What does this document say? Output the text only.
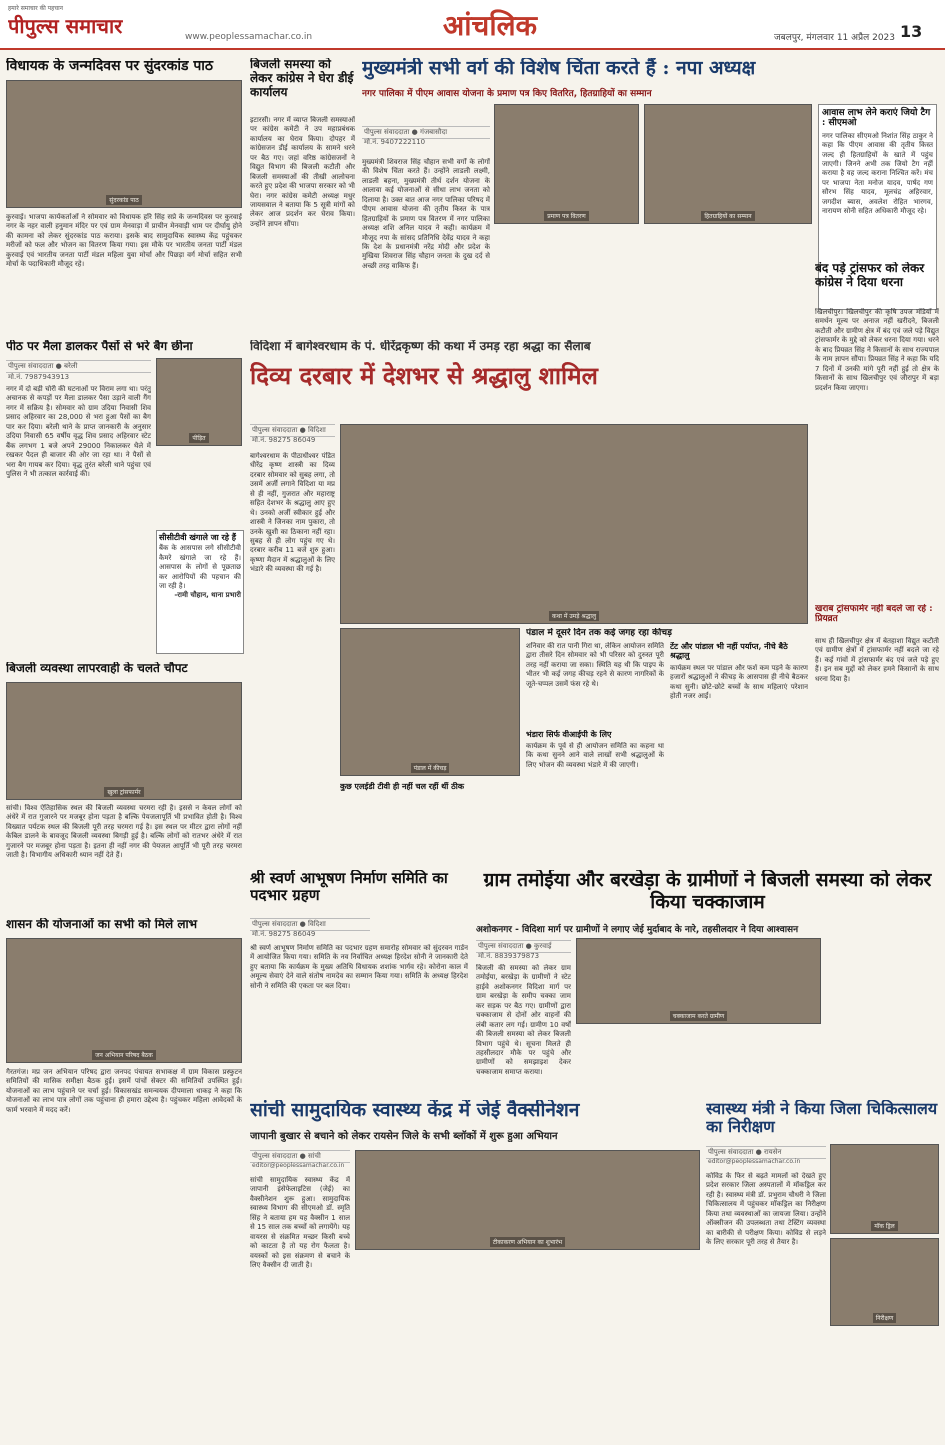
हमारे समाचार की पहचान
पीपुल्स समाचार	www.peoplessamachar.co.in	आंचलिक	जबलपुर, मंगलवार 11 अप्रैल 2023 13
विधायक के जन्मदिवस पर सुंदरकांड पाठ
सुंदरकांड पाठ
कुरवाई। भाजपा कार्यकर्ताओं ने सोमवार को विधायक हरि सिंह सप्रे के जन्मदिवस पर कुरवाई नगर के नहर वाली हनुमान मंदिर पर एवं ग्राम मेनवाड़ा में प्राचीन मेनवाड़ी धाम पर दीर्घायु होने की कामना को लेकर सुंदरकांड पाठ कराया। इसके बाद सामुदायिक स्वास्थ्य केंद्र पहुंचकर मरीजों को फल और भोजन का वितरण किया गया। इस मौके पर भारतीय जनता पार्टी मंडल कुरवाई एवं भारतीय जनता पार्टी मंडल महिला युवा मोर्चा और पिछड़ा वर्ग मोर्चा सहित सभी मोर्चा के पदाधिकारी मौजूद रहे।
बिजली समस्या को लेकर कांग्रेस ने घेरा डीई कार्यालय
इटारसी। नगर में व्याप्त बिजली समस्याओं पर कांग्रेस कमेटी ने उप महाप्रबंधक कार्यालय का घेराव किया। दोपहर में कांग्रेसजन डीई कार्यालय के सामने धरने पर बैठ गए। जहां वरिष्ठ कांग्रेसजनों ने विद्युत विभाग की बिजली कटौती और बिजली समस्याओं की तीखी आलोचना करते हुए प्रदेश की भाजपा सरकार को भी घेरा। नगर कांग्रेस कमेटी अध्यक्ष मधुर जायसवाल ने बताया कि 5 सूत्री मांगों को लेकर आज प्रदर्शन कर घेराव किया। उन्होंने ज्ञापन सौंपा।
मुख्यमंत्री सभी वर्ग की विशेष चिंता करते हैं : नपा अध्यक्ष
नगर पालिका में पीएम आवास योजना के प्रमाण पत्र किए वितरित, हितग्राहियों का सम्मान
पीपुल्स संवाददाता ● गंजबासौदा
मो.नं. 9407222110
प्रमाण पत्र वितरण	हितग्राहियों का सम्मान
मुख्यमंत्री शिवराज सिंह चौहान सभी वर्गों के लोगों की विशेष चिंता करते हैं। उन्होंने लाडली लक्ष्मी, लाडली बहना, मुख्यमंत्री तीर्थ दर्शन योजना के आलावा कई योजनाओं से सीधा लाभ जनता को दिलाया है। उक्त बात आज नगर पालिका परिषद में पीएम आवास योजना की तृतीय किस्त के पात्र हितग्राहियों के प्रमाण पत्र वितरण में नगर पालिका अध्यक्ष शशि अनिल यादव ने कही। कार्यक्रम में मौजूद नपा के सांसद प्रतिनिधि देवेंद्र यादव ने कहा कि देश के प्रधानमंत्री नरेंद्र मोदी और प्रदेश के मुखिया शिवराज सिंह चौहान जनता के दुख दर्द से अच्छी तरह वाकिफ हैं।
आवास लाभ लेने कराएं जियो टैग : सीएमओ
नगर पालिका सीएमओ निशांत सिंह ठाकुर ने कहा कि पीएम आवास की तृतीय किस्त जल्द ही हितग्राहियों के खाते में पहुंच जाएगी। जिनने अभी तक जियो टैग नहीं कराया है वह जल्द कराना निश्चित करें। मंच पर भाजपा नेता मनोज यादव, पार्षद गण सौरभ सिंह यादव, मूलचंद्र अहिरवार, जगदीश ब्यास, अवलेश रोहित भारगव, नारायण सोनी सहित अधिकारी मौजूद रहे।
पीठ पर मैला डालकर पैसों से भरे बैग छीना
पीपुल्स संवाददाता ● बरेली
मो.नं. 7987943913
पीड़ित
नगर में दो बड़ी चोरी की घटनाओं पर विराम लगा था। परंतु अचानक से कपड़ों पर मैला डालकर पैसा उड़ाने वाली गैंग नगर में सक्रिय है। सोमवार को ग्राम उदिया निवासी शिव प्रसाद अहिरवार का 28,000 से भरा हुआ पैसों का बैग पार कर दिया। बरेली थाने के प्राप्त जानकारी के अनुसार उदिया निवासी 65 वर्षीय वृद्ध शिव प्रसाद अहिरवार स्टेट बैंक लगभग 1 बजे अपने 29000 निकालकर थैले में रखकर पैदल ही बाजार की ओर जा रहा था। ने पैसों से भरा बैग गायब कर दिया। वृद्ध तुरंत बरेली थाने पहुंचा एवं पुलिस ने भी तत्काल कार्रवाई की।
सीसीटीवी खंगाले जा रहे हैं
बैंक के आसपास लगे सीसीटीवी कैमरे खंगाले जा रहे हैं। आसपास के लोगों से पूछताछ कर आरोपियों की पहचान की जा रही है।
-रामी चौहान, थाना प्रभारी
बिजली व्यवस्था लापरवाही के चलते चौपट
खुला ट्रांसफार्मर
सांची। विश्व ऐतिहासिक स्थल की बिजली व्यवस्था चरमरा रही है। इससे न केवल लोगों को अंधेरे में रात गुजारने पर मजबूर होना पड़ता है बल्कि पेयजलापूर्ति भी प्रभावित होती है। विश्व विख्यात पर्यटक स्थल की बिजली पूरी तरह चरमरा गई है। इस स्थल पर मीटर द्वारा लोगों नहीं केबिल डालने के बावजूद बिजली व्यवस्था बिगड़ी हुई है। बल्कि लोगों को रातभर अंधेरे में रात गुजारने पर मजबूर होना पड़ता है। इतना ही नहीं नगर की पेयजल आपूर्ति भी पूरी तरह चरमरा जाती है। विभागीय अधिकारी ध्यान नहीं देते हैं।
शासन की योजनाओं का सभी को मिले लाभ
जन अभियान परिषद बैठक
गैरतगंज। मप्र जन अभियान परिषद द्वारा जनपद पंचायत सभाकक्ष में ग्राम विकास प्रस्फुटन समितियों की मासिक समीक्षा बैठक हुई। इसमें पांचों सेक्टर की समितियों उपस्थित हुईं। योजनाओं का लाभ पहुंचाने पर चर्चा हुई। विकासखंड समन्वयक दीपमाला धाकड़ ने कहा कि योजनाओं का लाभ पात्र लोगों तक पहुंचाना ही हमारा उद्देश्य है। पहुंचकर महिला आवेदकों के फार्म भरवाने में मदद करें।
विदिशा में बागेश्वरधाम के पं. धीरेंद्रकृष्ण की कथा में उमड़ रहा श्रद्धा का सैलाब
दिव्य दरबार में देशभर से श्रद्धालु शामिल
पीपुल्स संवाददाता ● विदिशा
मो.नं. 98275 86049
कथा में उमड़े श्रद्धालु
बागेश्वरधाम के पीठाधीश्वर पंडित धीरेंद्र कृष्ण शास्त्री का दिव्य दरबार सोमवार को सुबह लगा, तो उसमें अर्जी लगाने विदिशा या मप्र से ही नहीं, गुजरात और महाराष्ट्र सहित देशभर के श्रद्धालु आए हुए थे। उनको अर्जी स्वीकार हुई और शास्त्री ने जिनका नाम पुकारा, तो उनके खुशी का ठिकाना नहीं रहा। सुबह से ही लोग पहुंच गए थे। दरबार करीब 11 बजे शुरु हुआ। कृष्णा मैदान में श्रद्धालुओं के लिए भंडारे की व्यवस्था की गई है।
पंडाल में कीचड़
पंडाल में दूसरे दिन तक कई जगह रहा कीचड़
शनिवार की रात पानी गिरा था, लेकिन आयोजन समिति द्वारा तीसरे दिन सोमवार को भी परिसर को दुरुस्त पूरी तरह नहीं कराया जा सका। स्थिति यह थी कि पाइप के भीतर भी कई जगह कीचड़ रहने से कारण नागरिकों के जूते-चप्पल उसमें फंस रहे थे।
टेंट और पांडाल भी नहीं पर्याप्त, नीचे बैठे श्रद्धालु
कार्यक्रम स्थल पर पांडाल और फर्श कम पड़ने के कारण हजारों श्रद्धालुओं ने कीचड़ के आसपास ही नीचे बैठकर कथा सुनी। छोटे-छोटे बच्चों के साथ महिलाएं परेशान होती नजर आईं।
कुछ एलईडी टीवी ही नहीं चल रहीं थीं ठीक
भंडारा सिर्फ वीआईपी के लिए
कार्यक्रम के पूर्व से ही आयोजन समिति का कहना था कि कथा सुनने आने वाले लाखों सभी श्रद्धालुओं के लिए भोजन की व्यवस्था भंडारे में की जाएगी।
बंद पड़े ट्रांसफर को लेकर कांग्रेस ने दिया धरना
खिलचीपुर। खिलचीपुर की कृषि उपज मंडियों में समर्थन मूल्य पर अनाज नहीं खरीदने, बिजली कटौती और ग्रामीण क्षेत्र में बंद एवं जले पड़े विद्युत ट्रांसफार्मर के मुद्दे को लेकर धरना दिया गया। धरने के बाद प्रियव्रत सिंह ने किसानों के साथ राज्यपाल के नाम ज्ञापन सौंपा। प्रियव्रत सिंह ने कहा कि यदि 7 दिनों में उनकी मांगे पूरी नहीं हुई तो क्षेत्र के किसानों के साथ खिलचीपुर एवं जीरापुर में बड़ा प्रदर्शन किया जाएगा।
खराब ट्रांसफार्मर नहीं बदले जा रहे : प्रियव्रत
साथ ही खिलचीपुर क्षेत्र में बेतहाशा विद्युत कटौती एवं ग्रामीण क्षेत्रों में ट्रांसफार्मर नहीं बदले जा रहे हैं। कई गांवों में ट्रांसफार्मर बंद एवं जले पड़े हुए हैं। इन सब मुद्दों को लेकर हमने किसानों के साथ धरना दिया है।
श्री स्वर्ण आभूषण निर्माण समिति का पदभार ग्रहण
पीपुल्स संवाददाता ● विदिशा
मो.नं. 98275 86049
श्री स्वर्ण आभूषण निर्माण समिति का पदभार ग्रहण समारोह सोमवार को सुंदरवन गार्डन में आयोजित किया गया। समिति के नव निर्वाचित अध्यक्ष हिरदेश सोनी ने जानकारी देते हुए बताया कि कार्यक्रम के मुख्य अतिथि विधायक शशांक भार्गव रहे। कोरोना काल में अमूल्य सेवाएं देने वाले संतोष नामदेव का सम्मान किया गया। समिति के अध्यक्ष हिरदेश सोनी ने समिति की एकता पर बल दिया।
ग्राम तमोईया और बरखेड़ा के ग्रामीणों ने बिजली समस्या को लेकर किया चक्काजाम
अशोकनगर - विदिशा मार्ग पर ग्रामीणों ने लगाए जेई मुर्दाबाद के नारे, तहसीलदार ने दिया आश्वासन
पीपुल्स संवाददाता ● कुरवाई
मो.नं. 8839379873
चक्काजाम करते ग्रामीण
बिजली की समस्या को लेकर ग्राम तमोईया, बरखेड़ा के ग्रामीणों ने स्टेट हाईवे अशोकनगर विदिशा मार्ग पर ग्राम बरखेड़ा के समीप चक्का जाम कर सड़क पर बैठ गए। ग्रामीणों द्वारा चक्काजाम से दोनों ओर वाहनों की लंबी कतार लग गई। ग्रामीण 10 वर्षों की बिजली समस्या को लेकर बिजली विभाग पहुंचे थे। सूचना मिलते ही तहसीलदार मौके पर पहुंचे और ग्रामीणों को समझाइश देकर चक्काजाम समाप्त कराया।
सांची सामुदायिक स्वास्थ्य केंद्र में जेई वैक्सीनेशन
जापानी बुखार से बचाने को लेकर रायसेन जिले के सभी ब्लॉकों में शुरू हुआ अभियान
पीपुल्स संवाददाता ● सांची
editor@peoplessamachar.co.in
टीकाकरण अभियान का शुभारंभ
सांची सामुदायिक स्वास्थ्य केंद्र में जापानी इंसेफेलाइटिस (जेई) का वैक्सीनेशन शुरू हुआ। सामुदायिक स्वास्थ्य विभाग की सीएमओ डॉ. स्मृति सिंह ने बताया हम यह वैक्सीन 1 साल से 15 साल तक बच्चों को लगायेंगे। यह वायरस से संक्रमित मच्छर किसी बच्चे को काटता है तो यह रोग फैलता है। वयस्कों को इस संक्रमण से बचाने के लिए वैक्सीन दी जाती है।
स्वास्थ्य मंत्री ने किया जिला चिकित्सालय का निरीक्षण
पीपुल्स संवाददाता ● रायसेन
editor@peoplessamachar.co.in
मॉक ड्रिल
निरीक्षण
कोविड के फिर से बढ़ते मामलों को देखते हुए प्रदेश सरकार जिला अस्पतालों में मॉकड्रिल कर रही है। स्वास्थ्य मंत्री डॉ. प्रभुराम चौधरी ने जिला चिकित्सालय में पहुंचकर मॉकड्रिल का निरीक्षण किया तथा व्यवस्थाओं का जायजा लिया। उन्होंने ऑक्सीजन की उपलब्धता तथा टेस्टिंग व्यवस्था का बारीकी से परीक्षण किया। कोविड से लड़ने के लिए सरकार पूरी तरह से तैयार है।
